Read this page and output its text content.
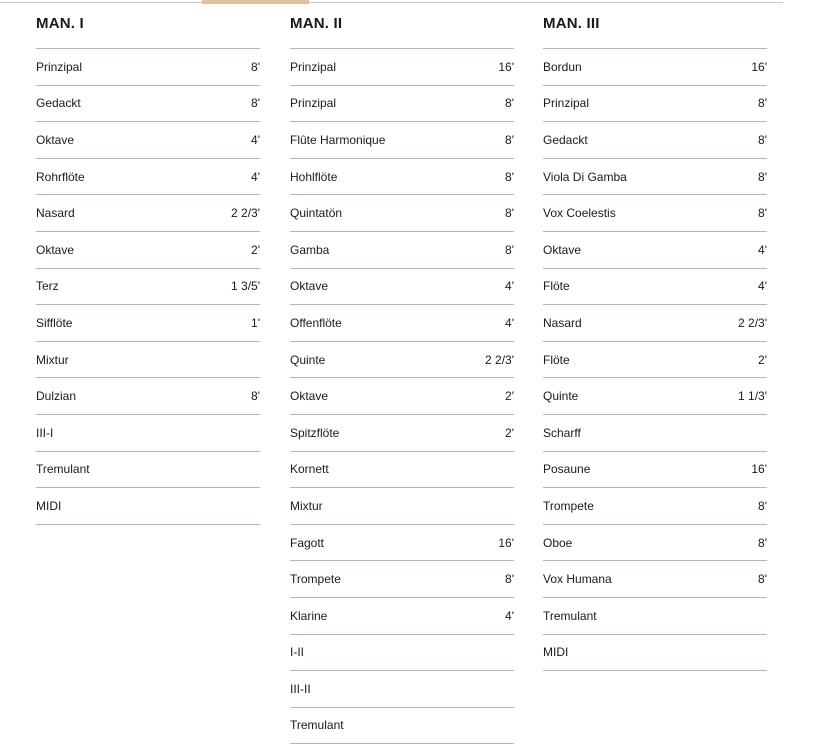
MAN. I
Prinzipal	8'
Gedackt	8'
Oktave	4'
Rohrflöte	4'
Nasard	2 2/3'
Oktave	2'
Terz	1 3/5'
Sifflöte	1'
Mixtur
Dulzian	8'
III-I
Tremulant
MIDI
MAN. II
Prinzipal	16'
Prinzipal	8'
Flûte Harmonique	8'
Hohlflöte	8'
Quintatön	8'
Gamba	8'
Oktave	4'
Offenflöte	4'
Quinte	2 2/3'
Oktave	2'
Spitzflöte	2'
Kornett
Mixtur
Fagott	16'
Trompete	8'
Klarine	4'
I-II
III-II
Tremulant
MAN. III
Bordun	16'
Prinzipal	8'
Gedackt	8'
Viola Di Gamba	8'
Vox Coelestis	8'
Oktave	4'
Flöte	4'
Nasard	2 2/3'
Flöte	2'
Quinte	1 1/3'
Scharff
Posaune	16'
Trompete	8'
Oboe	8'
Vox Humana	8'
Tremulant
MIDI
